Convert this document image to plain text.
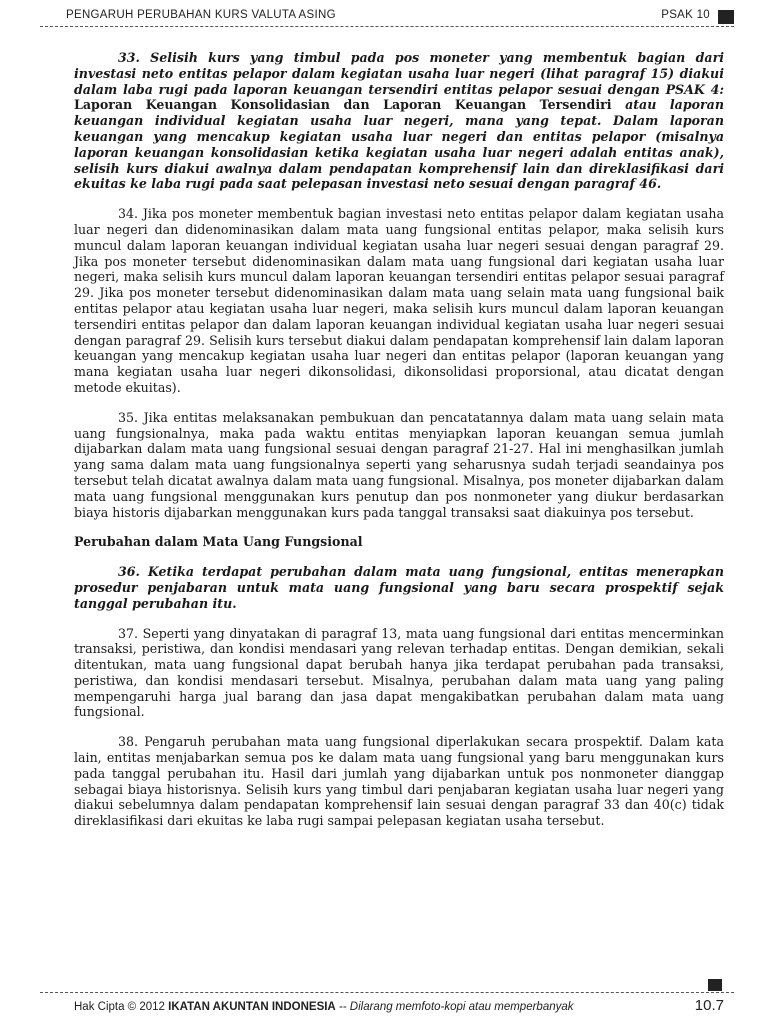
PENGARUH PERUBAHAN KURS VALUTA ASING	PSAK 10

33. Selisih kurs yang timbul pada pos moneter yang membentuk bagian dari investasi neto entitas pelapor dalam kegiatan usaha luar negeri (lihat paragraf 15) diakui dalam laba rugi pada laporan keuangan tersendiri entitas pelapor sesuai dengan PSAK 4: Laporan Keuangan Konsolidasian dan Laporan Keuangan Tersendiri atau laporan keuangan individual kegiatan usaha luar negeri, mana yang tepat. Dalam laporan keuangan yang mencakup kegiatan usaha luar negeri dan entitas pelapor (misalnya laporan keuangan konsolidasian ketika kegiatan usaha luar negeri adalah entitas anak), selisih kurs diakui awalnya dalam pendapatan komprehensif lain dan direklasifikasi dari ekuitas ke laba rugi pada saat pelepasan investasi neto sesuai dengan paragraf 46.

34. Jika pos moneter membentuk bagian investasi neto entitas pelapor dalam kegiatan usaha luar negeri dan didenominasikan dalam mata uang fungsional entitas pelapor, maka selisih kurs muncul dalam laporan keuangan individual kegiatan usaha luar negeri sesuai dengan paragraf 29. Jika pos moneter tersebut didenominasikan dalam mata uang fungsional dari kegiatan usaha luar negeri, maka selisih kurs muncul dalam laporan keuangan tersendiri entitas pelapor sesuai paragraf 29. Jika pos moneter tersebut didenominasikan dalam mata uang selain mata uang fungsional baik entitas pelapor atau kegiatan usaha luar negeri, maka selisih kurs muncul dalam laporan keuangan tersendiri entitas pelapor dan dalam laporan keuangan individual kegiatan usaha luar negeri sesuai dengan paragraf 29. Selisih kurs tersebut diakui dalam pendapatan komprehensif lain dalam laporan keuangan yang mencakup kegiatan usaha luar negeri dan entitas pelapor (laporan keuangan yang mana kegiatan usaha luar negeri dikonsolidasi, dikonsolidasi proporsional, atau dicatat dengan metode ekuitas).

35. Jika entitas melaksanakan pembukuan dan pencatatannya dalam mata uang selain mata uang fungsionalnya, maka pada waktu entitas menyiapkan laporan keuangan semua jumlah dijabarkan dalam mata uang fungsional sesuai dengan paragraf 21-27. Hal ini menghasilkan jumlah yang sama dalam mata uang fungsionalnya seperti yang seharusnya sudah terjadi seandainya pos tersebut telah dicatat awalnya dalam mata uang fungsional. Misalnya, pos moneter dijabarkan dalam mata uang fungsional menggunakan kurs penutup dan pos nonmoneter yang diukur berdasarkan biaya historis dijabarkan menggunakan kurs pada tanggal transaksi saat diakuinya pos tersebut.

Perubahan dalam Mata Uang Fungsional

36. Ketika terdapat perubahan dalam mata uang fungsional, entitas menerapkan prosedur penjabaran untuk mata uang fungsional yang baru secara prospektif sejak tanggal perubahan itu.

37. Seperti yang dinyatakan di paragraf 13, mata uang fungsional dari entitas mencerminkan transaksi, peristiwa, dan kondisi mendasari yang relevan terhadap entitas. Dengan demikian, sekali ditentukan, mata uang fungsional dapat berubah hanya jika terdapat perubahan pada transaksi, peristiwa, dan kondisi mendasari tersebut. Misalnya, perubahan dalam mata uang yang paling mempengaruhi harga jual barang dan jasa dapat mengakibatkan perubahan dalam mata uang fungsional.

38. Pengaruh perubahan mata uang fungsional diperlakukan secara prospektif. Dalam kata lain, entitas menjabarkan semua pos ke dalam mata uang fungsional yang baru menggunakan kurs pada tanggal perubahan itu. Hasil dari jumlah yang dijabarkan untuk pos nonmoneter dianggap sebagai biaya historisnya. Selisih kurs yang timbul dari penjabaran kegiatan usaha luar negeri yang diakui sebelumnya dalam pendapatan komprehensif lain sesuai dengan paragraf 33 dan 40(c) tidak direklasifikasi dari ekuitas ke laba rugi sampai pelepasan kegiatan usaha tersebut.

Hak Cipta © 2012 IKATAN AKUNTAN INDONESIA -- Dilarang memfoto-kopi atau memperbanyak	10.7
